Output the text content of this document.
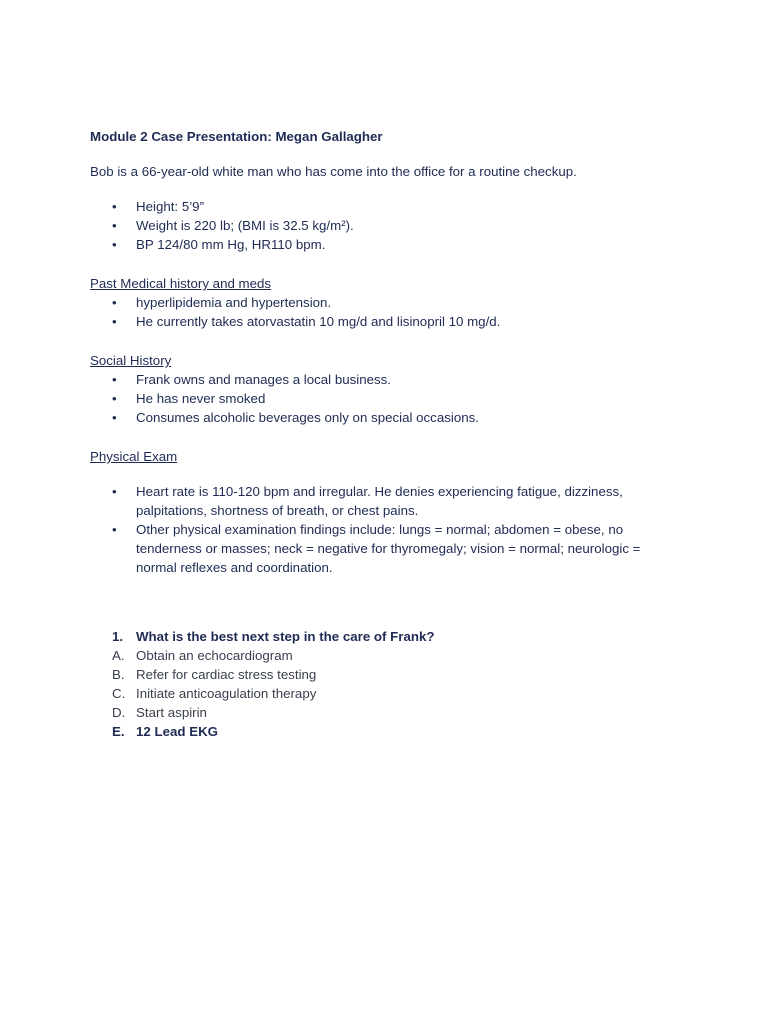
Module 2 Case Presentation: Megan Gallagher
Bob is a 66-year-old white man who has come into the office for a routine checkup.
• Height: 5’9”
• Weight is 220 lb; (BMI is 32.5 kg/m²).
• BP 124/80 mm Hg, HR110 bpm.
Past Medical history and meds
• hyperlipidemia and hypertension.
• He currently takes atorvastatin 10 mg/d and lisinopril 10 mg/d.
Social History
• Frank owns and manages a local business.
• He has never smoked
• Consumes alcoholic beverages only on special occasions.
Physical Exam
• Heart rate is 110-120 bpm and irregular. He denies experiencing fatigue, dizziness, palpitations, shortness of breath, or chest pains.
• Other physical examination findings include: lungs = normal; abdomen = obese, no tenderness or masses; neck = negative for thyromegaly; vision = normal; neurologic = normal reflexes and coordination.
1. What is the best next step in the care of Frank?
A. Obtain an echocardiogram
B. Refer for cardiac stress testing
C. Initiate anticoagulation therapy
D. Start aspirin
E. 12 Lead EKG
